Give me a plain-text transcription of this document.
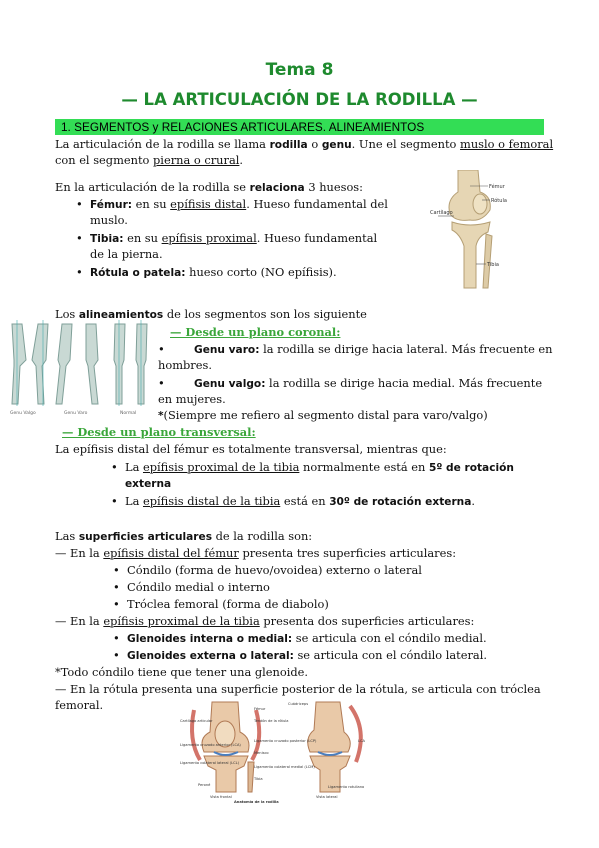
Tema 8
— LA ARTICULACIÓN DE LA RODILLA —
1. SEGMENTOS y RELACIONES ARTICULARES. ALINEAMIENTOS
La articulación de la rodilla se llama rodilla o genu. Une el segmento muslo o femoral
con el segmento pierna o crural.
En la articulación de la rodilla se relaciona 3 huesos:
• Fémur: en su epífisis distal. Hueso fundamental del
muslo.
• Tibia: en su epífisis proximal. Hueso fundamental
de la pierna.
• Rótula o patela: hueso corto (NO epífisis).
Fémur
Rótula
Cartílago
Tibia
Los alineamientos de los segmentos son los siguiente
Genu Valgo	Genu Varo	Normal
— Desde un plano coronal:
• Genu varo: la rodilla se dirige hacia lateral. Más frecuente en
hombres.
• Genu valgo: la rodilla se dirige hacia medial. Más frecuente
en mujeres.
*(Siempre me refiero al segmento distal para varo/valgo)
— Desde un plano transversal:
La epífisis distal del fémur es totalmente transversal, mientras que:
• La epífisis proximal de la tibia normalmente está en 5º de rotación
externa
• La epífisis distal de la tibia está en 30º de rotación externa.
Las superficies articulares de la rodilla son:
— En la epífisis distal del fémur presenta tres superficies articulares:
• Cóndilo (forma de huevo/ovoidea) externo o lateral
• Cóndilo medial o interno
• Tróclea femoral (forma de diabolo)
— En la epífisis proximal de la tibia presenta dos superficies articulares:
• Glenoides interna o medial: se articula con el cóndilo medial.
• Glenoides externa o lateral: se articula con el cóndilo lateral.
*Todo cóndilo tiene que tener una glenoide.
— En la rótula presenta una superficie posterior de la rótula, se articula con tróclea
femoral.
Cartílago articular
Ligamento cruzado anterior (LCA)
Ligamento colateral lateral (LCL)
Peroné
Cuádriceps
Fémur
Tendón de la rótula
Ligamento cruzado posterior (LCP)
Menisco
Ligamento colateral medial (LCM)
Tibia
LCA
Ligamento rotuliano
Vista frontal	Vista lateral
Anatomía de la rodilla
